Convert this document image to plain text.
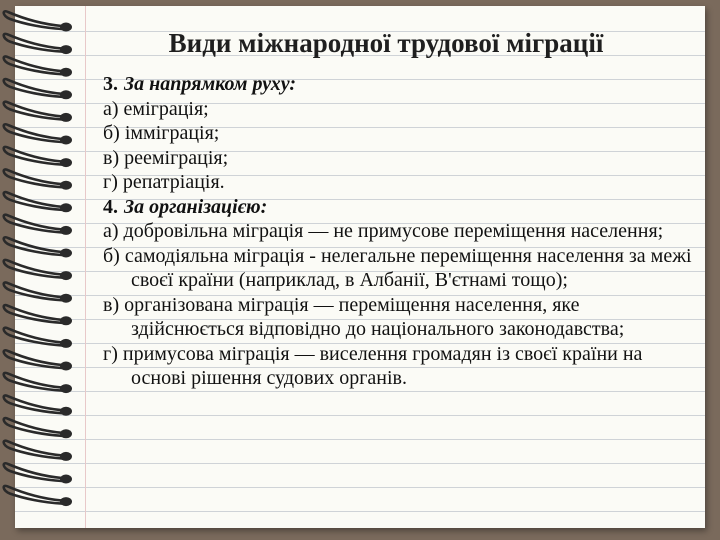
Види міжнародної трудової міграції
3. За напрямком руху:
а) еміграція;
б) імміграція;
в) рееміграція;
г) репатріація.
4. За організацією:
а) добровільна міграція — не примусове переміщення населення;
б) самодіяльна міграція - нелегальне переміщення населення за межі своєї країни (наприклад, в Албанії, В'єтнамі тощо);
в) організована міграція — переміщення населення, яке здійснюється відповідно до національного законодавства;
г) примусова міграція — виселення громадян із своєї країни на основі рішення судових органів.
